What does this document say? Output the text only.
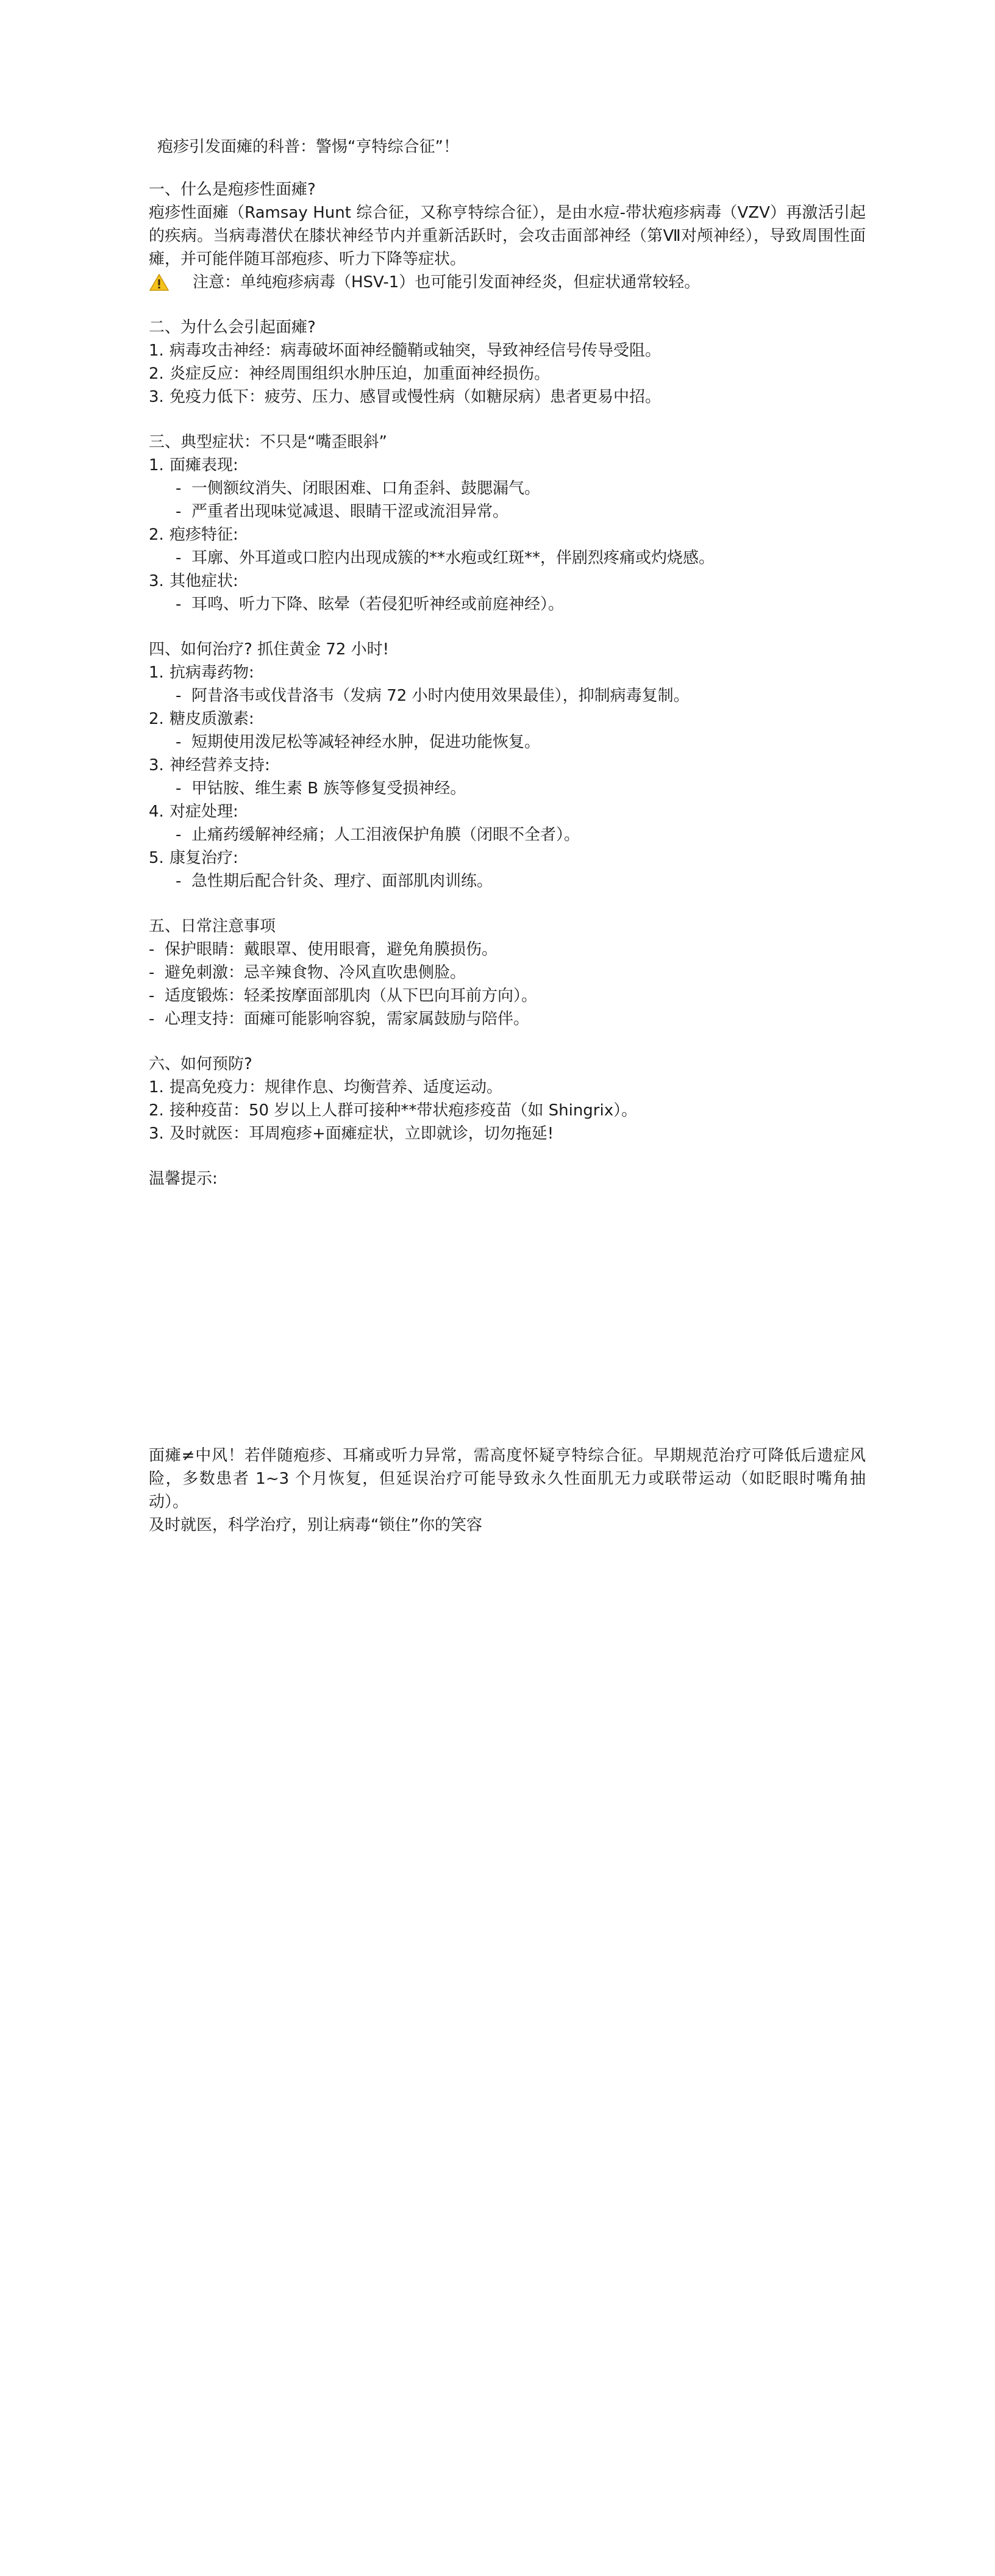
疱疹引发面瘫的科普：警惕“亨特综合征”！

一、什么是疱疹性面瘫?

疱疹性面瘫（Ramsay Hunt 综合征，又称亨特综合征），是由水痘-带状疱疹病毒（VZV）再激活引起的疾病。当病毒潜伏在膝状神经节内并重新活跃时，会攻击面部神经（第Ⅶ对颅神经），导致周围性面瘫，并可能伴随耳部疱疹、听力下降等症状。

注意：单纯疱疹病毒（HSV-1）也可能引发面神经炎，但症状通常较轻。

二、为什么会引起面瘫?

1. 病毒攻击神经：病毒破坏面神经髓鞘或轴突，导致神经信号传导受阻。
2. 炎症反应：神经周围组织水肿压迫，加重面神经损伤。
3. 免疫力低下：疲劳、压力、感冒或慢性病（如糖尿病）患者更易中招。

三、典型症状：不只是“嘴歪眼斜”

1. 面瘫表现:
- 一侧额纹消失、闭眼困难、口角歪斜、鼓腮漏气。
- 严重者出现味觉减退、眼睛干涩或流泪异常。
2. 疱疹特征:
- 耳廓、外耳道或口腔内出现成簇的**水疱或红斑**，伴剧烈疼痛或灼烧感。
3. 其他症状:
- 耳鸣、听力下降、眩晕（若侵犯听神经或前庭神经）。

四、如何治疗? 抓住黄金 72 小时!

1. 抗病毒药物:
- 阿昔洛韦或伐昔洛韦（发病 72 小时内使用效果最佳），抑制病毒复制。
2. 糖皮质激素:
- 短期使用泼尼松等减轻神经水肿，促进功能恢复。
3. 神经营养支持:
- 甲钴胺、维生素 B 族等修复受损神经。
4. 对症处理:
- 止痛药缓解神经痛；人工泪液保护角膜（闭眼不全者）。
5. 康复治疗:
- 急性期后配合针灸、理疗、面部肌肉训练。

五、日常注意事项

- 保护眼睛：戴眼罩、使用眼膏，避免角膜损伤。
- 避免刺激：忌辛辣食物、冷风直吹患侧脸。
- 适度锻炼：轻柔按摩面部肌肉（从下巴向耳前方向）。
- 心理支持：面瘫可能影响容貌，需家属鼓励与陪伴。

六、如何预防?

1. 提高免疫力：规律作息、均衡营养、适度运动。
2. 接种疫苗：50 岁以上人群可接种**带状疱疹疫苗（如 Shingrix）。
3. 及时就医：耳周疱疹+面瘫症状，立即就诊，切勿拖延!

温馨提示:

面瘫≠中风！若伴随疱疹、耳痛或听力异常，需高度怀疑亨特综合征。早期规范治疗可降低后遗症风险，多数患者 1~3 个月恢复，但延误治疗可能导致永久性面肌无力或联带运动（如眨眼时嘴角抽动）。

及时就医，科学治疗，别让病毒“锁住”你的笑容
